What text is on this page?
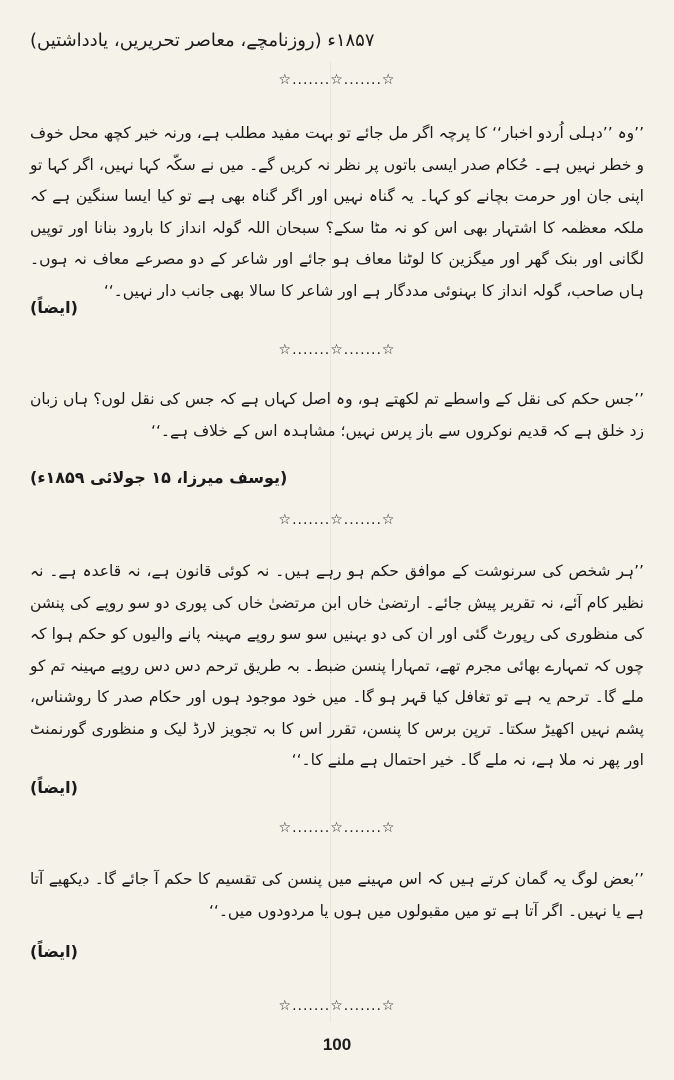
۱۸۵۷ء (روزنامچے، معاصر تحریریں، یادداشتیں)
☆.......☆.......☆
’’وہ ’’دہلی اُردو اخبار‘‘ کا پرچہ اگر مل جائے تو بہت مفید مطلب ہے، ورنہ خیر کچھ محل خوف و خطر نہیں ہے۔ حُکام صدر ایسی باتوں پر نظر نہ کریں گے۔ میں نے سکّہ کہا نہیں، اگر کہا تو اپنی جان اور حرمت بچانے کو کہا۔ یہ گناہ نہیں اور اگر گناہ بھی ہے تو کیا ایسا سنگین ہے کہ ملکہ معظمہ کا اشتہار بھی اس کو نہ مٹا سکے؟ سبحان اللہ گولہ انداز کا بارود بنانا اور توپیں لگانی اور بنک گھر اور میگزین کا لوٹنا معاف ہو جائے اور شاعر کے دو مصرعے معاف نہ ہوں۔ ہاں صاحب، گولہ انداز کا بہنوئی مددگار ہے اور شاعر کا سالا بھی جانب دار نہیں۔‘‘
(ایضاً)
☆.......☆.......☆
’’جس حکم کی نقل کے واسطے تم لکھتے ہو، وہ اصل کہاں ہے کہ جس کی نقل لوں؟ ہاں زبان زد خلق ہے کہ قدیم نوکروں سے باز پرس نہیں؛ مشاہدہ اس کے خلاف ہے۔‘‘
(یوسف میرزا، ۱۵ جولائی ۱۸۵۹ء)
☆.......☆.......☆
’’ہر شخص کی سرنوشت کے موافق حکم ہو رہے ہیں۔ نہ کوئی قانون ہے، نہ قاعدہ ہے۔ نہ نظیر کام آئے، نہ تقریر پیش جائے۔ ارتضیٰ خاں ابن مرتضیٰ خاں کی پوری دو سو روپے کی پنشن کی منظوری کی رپورٹ گئی اور ان کی دو بہنیں سو سو روپے مہینہ پانے والیوں کو حکم ہوا کہ چوں کہ تمہارے بھائی مجرم تھے، تمہارا پنسن ضبط۔ بہ طریق ترحم دس دس روپے مہینہ تم کو ملے گا۔ ترحم یہ ہے تو تغافل کیا قہر ہو گا۔ میں خود موجود ہوں اور حکام صدر کا روشناس، پشم نہیں اکھیڑ سکتا۔ ترپن برس کا پنسن، تقرر اس کا بہ تجویز لارڈ لیک و منظوری گورنمنٹ اور پھر نہ ملا ہے، نہ ملے گا۔ خیر احتمال ہے ملنے کا۔‘‘
(ایضاً)
☆.......☆.......☆
’’بعض لوگ یہ گمان کرتے ہیں کہ اس مہینے میں پنسن کی تقسیم کا حکم آ جائے گا۔ دیکھیے آتا ہے یا نہیں۔ اگر آتا ہے تو میں مقبولوں میں ہوں یا مردودوں میں۔‘‘
(ایضاً)
☆.......☆.......☆
100
